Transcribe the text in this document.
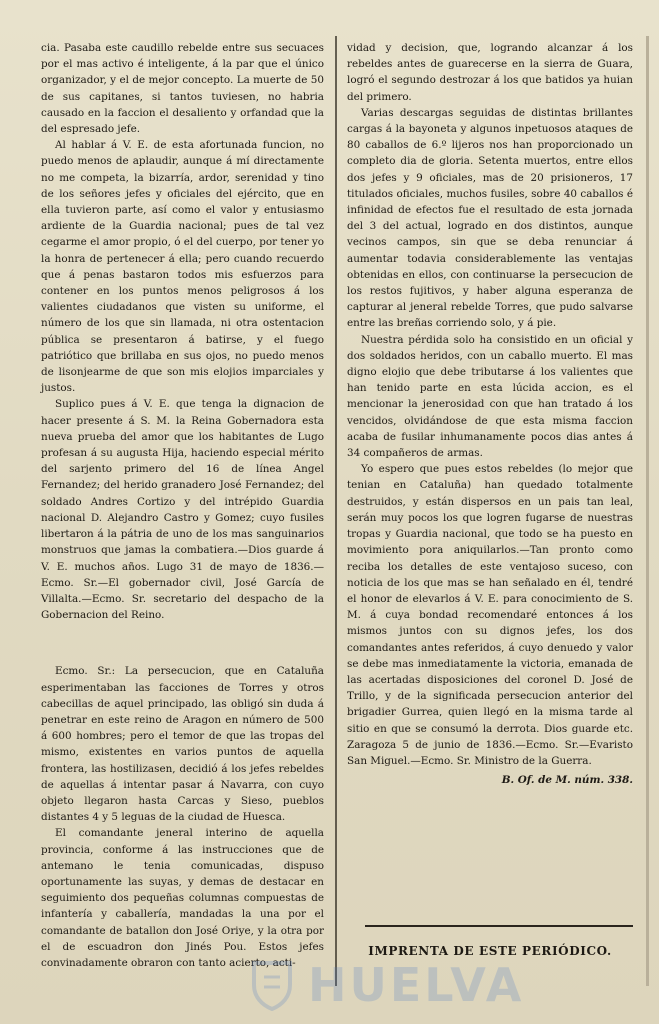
cia. Pasaba este caudillo rebelde entre sus secuaces por el mas activo é inteligente, á la par que el único organizador, y el de mejor concepto. La muerte de 50 de sus capitanes, si tantos tuviesen, no habria causado en la faccion el desaliento y orfandad que la del espresado jefe.

Al hablar á V. E. de esta afortunada funcion, no puedo menos de aplaudir, aunque á mí directamente no me competa, la bizarría, ardor, serenidad y tino de los señores jefes y oficiales del ejército, que en ella tuvieron parte, así como el valor y entusiasmo ardiente de la Guardia nacional; pues de tal vez cegarme el amor propio, ó el del cuerpo, por tener yo la honra de pertenecer á ella; pero cuando recuerdo que á penas bastaron todos mis esfuerzos para contener en los puntos menos peligrosos á los valientes ciudadanos que visten su uniforme, el número de los que sin llamada, ni otra ostentacion pública se presentaron á batirse, y el fuego patriótico que brillaba en sus ojos, no puedo menos de lisonjearme de que son mis elojios imparciales y justos.

Suplico pues á V. E. que tenga la dignacion de hacer presente á S. M. la Reina Gobernadora esta nueva prueba del amor que los habitantes de Lugo profesan á su augusta Hija, haciendo especial mérito del sarjento primero del 16 de línea Angel Fernandez; del herido granadero José Fernandez; del soldado Andres Cortizo y del intrépido Guardia nacional D. Alejandro Castro y Gomez; cuyo fusiles libertaron á la pátria de uno de los mas sanguinarios monstruos que jamas la combatiera.—Dios guarde á V. E. muchos años. Lugo 31 de mayo de 1836.—Ecmo. Sr.—El gobernador civil, José García de Villalta.—Ecmo. Sr. secretario del despacho de la Gobernacion del Reino.

Ecmo. Sr.: La persecucion, que en Cataluña esperimentaban las facciones de Torres y otros cabecillas de aquel principado, las obligó sin duda á penetrar en este reino de Aragon en número de 500 á 600 hombres; pero el temor de que las tropas del mismo, existentes en varios puntos de aquella frontera, las hostilizasen, decidió á los jefes rebeldes de aquellas á intentar pasar á Navarra, con cuyo objeto llegaron hasta Carcas y Sieso, pueblos distantes 4 y 5 leguas de la ciudad de Huesca.

El comandante jeneral interino de aquella provincia, conforme á las instrucciones que de antemano le tenia comunicadas, dispuso oportunamente las suyas, y demas de destacar en seguimiento dos pequeñas columnas compuestas de infantería y caballería, mandadas la una por el comandante de batallon don José Oriye, y la otra por el de escuadron don Jinés Pou. Estos jefes convinadamente obraron con tanto acierto, acti-

vidad y decision, que, logrando alcanzar á los rebeldes antes de guarecerse en la sierra de Guara, logró el segundo destrozar á los que batidos ya huian del primero.

Varias descargas seguidas de distintas brillantes cargas á la bayoneta y algunos inpetuosos ataques de 80 caballos de 6.º lijeros nos han proporcionado un completo dia de gloria. Setenta muertos, entre ellos dos jefes y 9 oficiales, mas de 20 prisioneros, 17 titulados oficiales, muchos fusiles, sobre 40 caballos é infinidad de efectos fue el resultado de esta jornada del 3 del actual, logrado en dos distintos, aunque vecinos campos, sin que se deba renunciar á aumentar todavia considerablemente las ventajas obtenidas en ellos, con continuarse la persecucion de los restos fujitivos, y haber alguna esperanza de capturar al jeneral rebelde Torres, que pudo salvarse entre las breñas corriendo solo, y á pie.

Nuestra pérdida solo ha consistido en un oficial y dos soldados heridos, con un caballo muerto. El mas digno elojio que debe tributarse á los valientes que han tenido parte en esta lúcida accion, es el mencionar la jenerosidad con que han tratado á los vencidos, olvidándose de que esta misma faccion acaba de fusilar inhumanamente pocos dias antes á 34 compañeros de armas.

Yo espero que pues estos rebeldes (lo mejor que tenian en Cataluña) han quedado totalmente destruidos, y están dispersos en un pais tan leal, serán muy pocos los que logren fugarse de nuestras tropas y Guardia nacional, que todo se ha puesto en movimiento pora aniquilarlos.—Tan pronto como reciba los detalles de este ventajoso suceso, con noticia de los que mas se han señalado en él, tendré el honor de elevarlos á V. E. para conocimiento de S. M. á cuya bondad recomendaré entonces á los mismos juntos con su dignos jefes, los dos comandantes antes referidos, á cuyo denuedo y valor se debe mas inmediatamente la victoria, emanada de las acertadas disposiciones del coronel D. José de Trillo, y de la significada persecucion anterior del brigadier Gurrea, quien llegó en la misma tarde al sitio en que se consumó la derrota. Dios guarde etc. Zaragoza 5 de junio de 1836.—Ecmo. Sr.—Evaristo San Miguel.—Ecmo. Sr. Ministro de la Guerra.

B. Of. de M. núm. 338.
IMPRENTA DE ESTE PERIÓDICO.
HUELVA
